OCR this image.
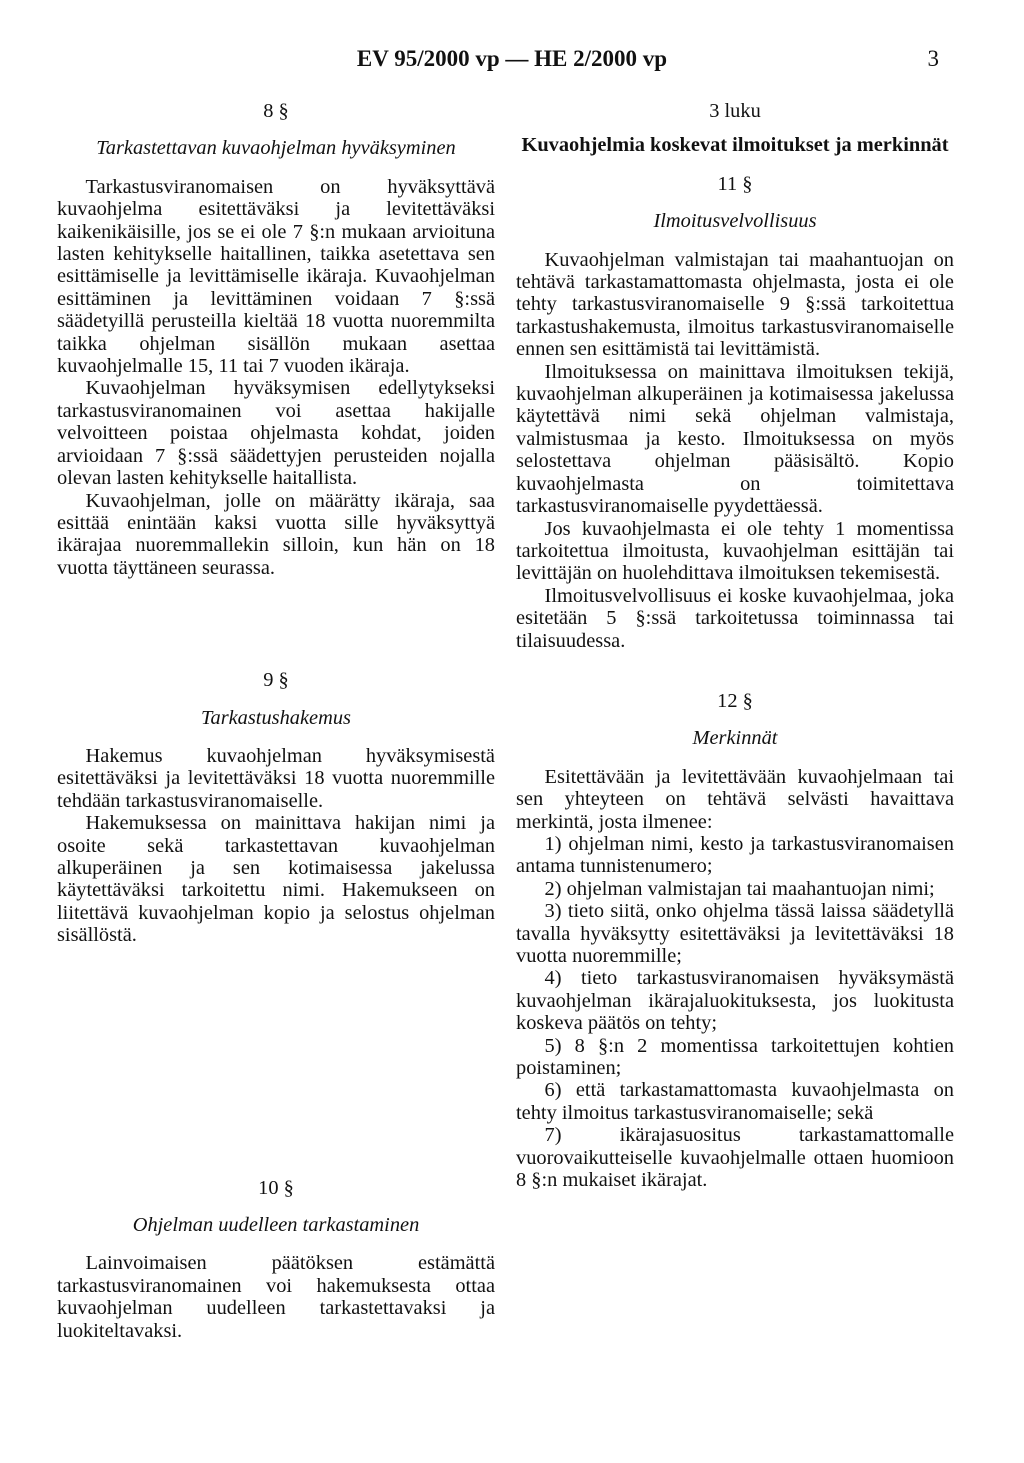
EV 95/2000 vp — HE 2/2000 vp	3
8 §
Tarkastettavan kuvaohjelman hyväksyminen

Tarkastusviranomaisen on hyväksyttävä kuvaohjelma esitettäväksi ja levitettäväksi kaikenikäisille, jos se ei ole 7 §:n mukaan arvioituna lasten kehitykselle haitallinen, taikka asetettava sen esittämiselle ja levittämiselle ikäraja. Kuvaohjelman esittäminen ja levittäminen voidaan 7 §:ssä säädetyillä perusteilla kieltää 18 vuotta nuoremmilta taikka ohjelman sisällön mukaan asettaa kuvaohjelmalle 15, 11 tai 7 vuoden ikäraja.

Kuvaohjelman hyväksymisen edellytykseksi tarkastusviranomainen voi asettaa hakijalle velvoitteen poistaa ohjelmasta kohdat, joiden arvioidaan 7 §:ssä säädettyjen perusteiden nojalla olevan lasten kehitykselle haitallista.

Kuvaohjelman, jolle on määrätty ikäraja, saa esittää enintään kaksi vuotta sille hyväksyttyä ikärajaa nuoremmallekin silloin, kun hän on 18 vuotta täyttäneen seurassa.

9 §
Tarkastushakemus

Hakemus kuvaohjelman hyväksymisestä esitettäväksi ja levitettäväksi 18 vuotta nuoremmille tehdään tarkastusviranomaiselle.

Hakemuksessa on mainittava hakijan nimi ja osoite sekä tarkastettavan kuvaohjelman alkuperäinen ja sen kotimaisessa jakelussa käytettäväksi tarkoitettu nimi. Hakemukseen on liitettävä kuvaohjelman kopio ja selostus ohjelman sisällöstä.

10 §
Ohjelman uudelleen tarkastaminen

Lainvoimaisen päätöksen estämättä tarkastusviranomainen voi hakemuksesta ottaa kuvaohjelman uudelleen tarkastettavaksi ja luokiteltavaksi.

3 luku
Kuvaohjelmia koskevat ilmoitukset ja merkinnät
11 §
Ilmoitusvelvollisuus

Kuvaohjelman valmistajan tai maahantuojan on tehtävä tarkastamattomasta ohjelmasta, josta ei ole tehty tarkastusviranomaiselle 9 §:ssä tarkoitettua tarkastushakemusta, ilmoitus tarkastusviranomaiselle ennen sen esittämistä tai levittämistä.

Ilmoituksessa on mainittava ilmoituksen tekijä, kuvaohjelman alkuperäinen ja kotimaisessa jakelussa käytettävä nimi sekä ohjelman valmistaja, valmistusmaa ja kesto. Ilmoituksessa on myös selostettava ohjelman pääsisältö. Kopio kuvaohjelmasta on toimitettava tarkastusviranomaiselle pyydettäessä.

Jos kuvaohjelmasta ei ole tehty 1 momentissa tarkoitettua ilmoitusta, kuvaohjelman esittäjän tai levittäjän on huolehdittava ilmoituksen tekemisestä.

Ilmoitusvelvollisuus ei koske kuvaohjelmaa, joka esitetään 5 §:ssä tarkoitetussa toiminnassa tai tilaisuudessa.

12 §
Merkinnät

Esitettävään ja levitettävään kuvaohjelmaan tai sen yhteyteen on tehtävä selvästi havaittava merkintä, josta ilmenee:

1) ohjelman nimi, kesto ja tarkastusviranomaisen antama tunnistenumero;

2) ohjelman valmistajan tai maahantuojan nimi;

3) tieto siitä, onko ohjelma tässä laissa säädetyllä tavalla hyväksytty esitettäväksi ja levitettäväksi 18 vuotta nuoremmille;

4) tieto tarkastusviranomaisen hyväksymästä kuvaohjelman ikärajaluokituksesta, jos luokitusta koskeva päätös on tehty;

5) 8 §:n 2 momentissa tarkoitettujen kohtien poistaminen;

6) että tarkastamattomasta kuvaohjelmasta on tehty ilmoitus tarkastusviranomaiselle; sekä

7) ikärajasuositus tarkastamattomalle vuorovaikutteiselle kuvaohjelmalle ottaen huomioon 8 §:n mukaiset ikärajat.
